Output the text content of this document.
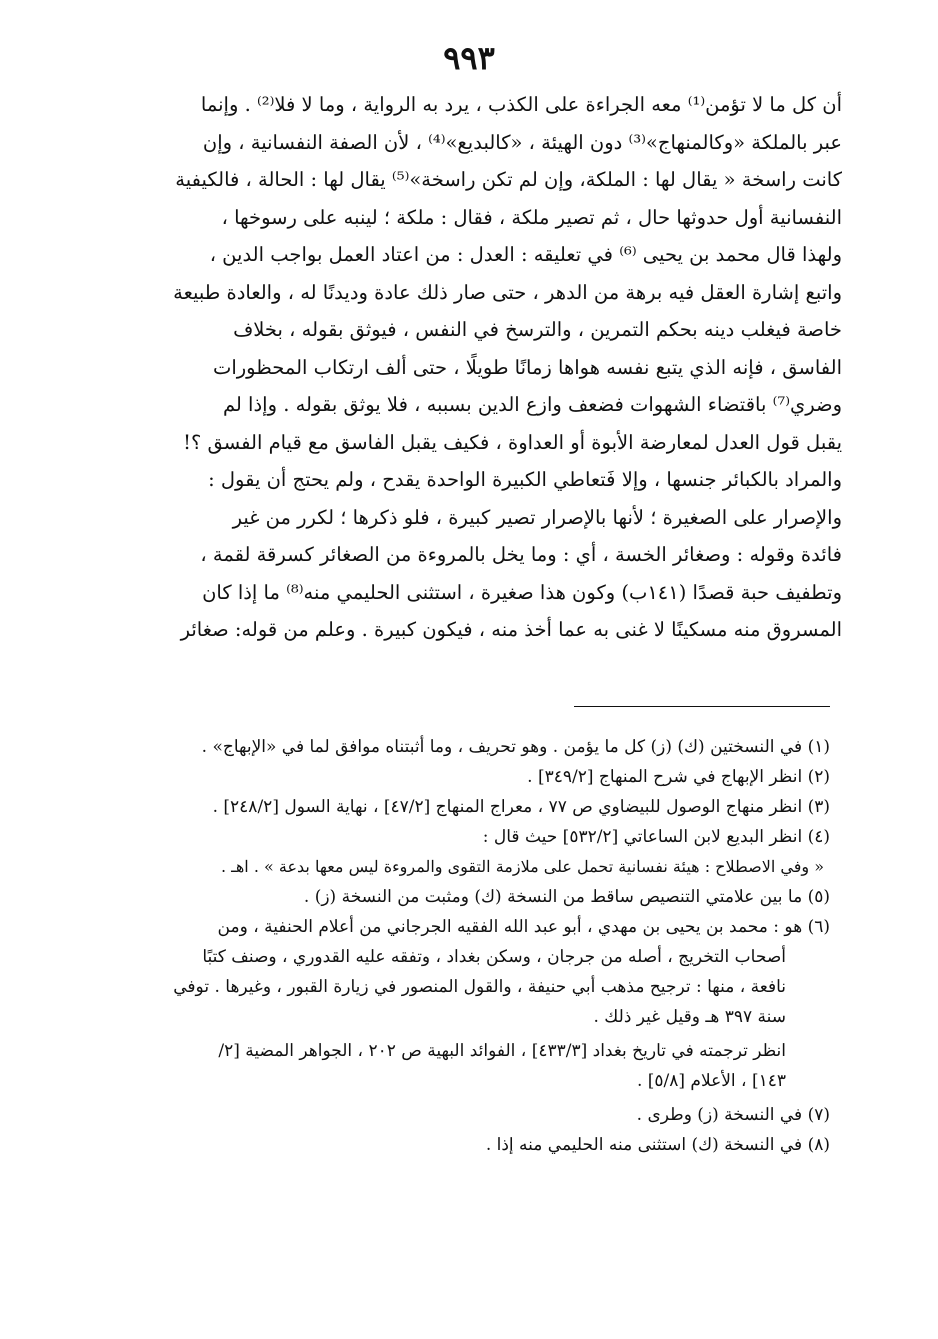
٩٩٣
أن كل ما لا تؤمن⁽¹⁾ معه الجراءة على الكذب ، يرد به الرواية ، وما لا فلا⁽²⁾ . وإنما
عبر بالملكة «وكالمنهاج»⁽³⁾ دون الهيئة ، «كالبديع»⁽⁴⁾ ، لأن الصفة النفسانية ، وإن
كانت راسخة « يقال لها : الملكة، وإن لم تكن راسخة»⁽⁵⁾ يقال لها : الحالة ، فالكيفية
النفسانية أول حدوثها حال ، ثم تصير ملكة ، فقال : ملكة ؛ لينبه على رسوخها ،
ولهذا قال محمد بن يحيى ⁽⁶⁾ في تعليقه : العدل : من اعتاد العمل بواجب الدين ،
واتبع إشارة العقل فيه برهة من الدهر ، حتى صار ذلك عادة وديدنًا له ، والعادة طبيعة
خاصة فيغلب دينه بحكم التمرين ، والترسخ في النفس ، فيوثق بقوله ، بخلاف
الفاسق ، فإنه الذي يتبع نفسه هواها زمانًا طويلًا ، حتى ألف ارتكاب المحظورات
وضري⁽⁷⁾ باقتضاء الشهوات فضعف وازع الدين بسببه ، فلا يوثق بقوله . وإذا لم
يقبل قول العدل لمعارضة الأبوة أو العداوة ، فكيف يقبل الفاسق مع قيام الفسق ؟!
والمراد بالكبائر جنسها ، وإلا فَتعاطي الكبيرة الواحدة يقدح ، ولم يحتج أن يقول :
والإصرار على الصغيرة ؛ لأنها بالإصرار تصير كبيرة ، فلو ذكرها ؛ لكرر من غير
فائدة وقوله : وصغائر الخسة ، أي : وما يخل بالمروءة من الصغائر كسرقة لقمة ،
وتطفيف حبة قصدًا (١٤١ب) وكون هذا صغيرة ، استثنى الحليمي منه⁽⁸⁾ ما إذا كان
المسروق منه مسكينًا لا غنى به عما أخذ منه ، فيكون كبيرة . وعلم من قوله: صغائر
(١) في النسختين (ك) (ز) كل ما يؤمن . وهو تحريف ، وما أثبتناه موافق لما في «الإبهاج» .
(٢) انظر الإبهاج في شرح المنهاج [٣٤٩/٢] .
(٣) انظر منهاج الوصول للبيضاوي ص ٧٧ ، معراج المنهاج [٤٧/٢] ، نهاية السول [٢٤٨/٢] .
(٤) انظر البديع لابن الساعاتي [٥٣٢/٢] حيث قال :
« وفي الاصطلاح : هيئة نفسانية تحمل على ملازمة التقوى والمروءة ليس معها بدعة » . اهـ .
(٥) ما بين علامتي التنصيص ساقط من النسخة (ك) ومثبت من النسخة (ز) .
(٦) هو : محمد بن يحيى بن مهدي ، أبو عبد الله الفقيه الجرجاني من أعلام الحنفية ، ومن
أصحاب التخريج ، أصله من جرجان ، وسكن بغداد ، وتفقه عليه القدوري ، وصنف كتبًا
نافعة ، منها : ترجيح مذهب أبي حنيفة ، والقول المنصور في زيارة القبور ، وغيرها . توفي
سنة ٣٩٧ هـ وقيل غير ذلك .
انظر ترجمته في تاريخ بغداد [٤٣٣/٣] ، الفوائد البهية ص ٢٠٢ ، الجواهر المضية [٢/
١٤٣] ، الأعلام [٥/٨] .
(٧) في النسخة (ز) وطرى .
(٨) في النسخة (ك) استثنى منه الحليمي منه إذا .
